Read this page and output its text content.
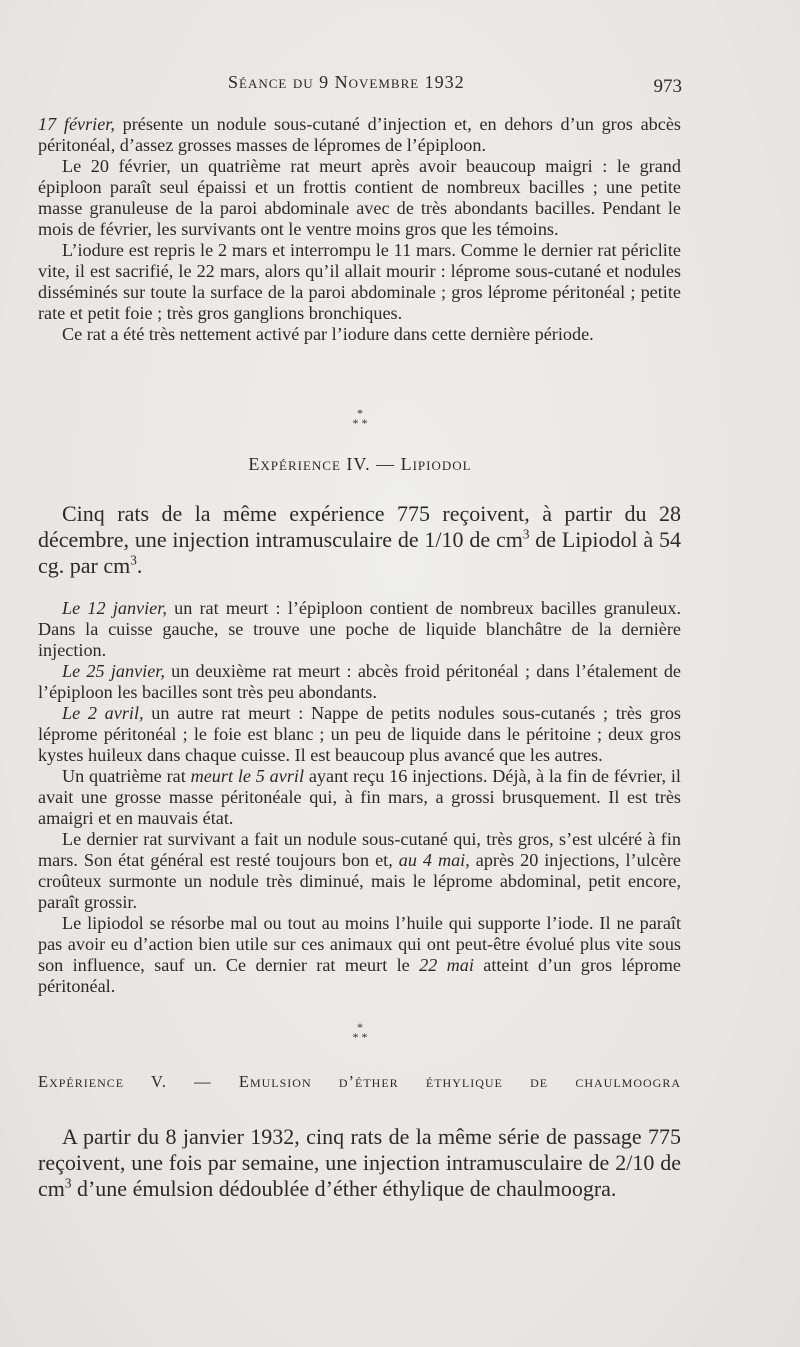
Séance du 9 Novembre 1932	973

17 février, présente un nodule sous-cutané d’injection et, en dehors d’un gros abcès péritonéal, d’assez grosses masses de lépromes de l’épiploon.

Le 20 février, un quatrième rat meurt après avoir beaucoup maigri : le grand épiploon paraît seul épaissi et un frottis contient de nombreux bacilles ; une petite masse granuleuse de la paroi abdominale avec de très abondants bacilles. Pendant le mois de février, les survivants ont le ventre moins gros que les témoins.

L’iodure est repris le 2 mars et interrompu le 11 mars. Comme le dernier rat périclite vite, il est sacrifié, le 22 mars, alors qu’il allait mourir : léprome sous-cutané et nodules disséminés sur toute la surface de la paroi abdominale ; gros léprome péritonéal ; petite rate et petit foie ; très gros ganglions bronchiques.

Ce rat a été très nettement activé par l’iodure dans cette dernière période.

*
* *
Expérience IV. — Lipiodol

Cinq rats de la même expérience 775 reçoivent, à partir du 28 décembre, une injection intramusculaire de 1/10 de $cm^3$ de Lipiodol à 54 cg. par $cm^3$.

Le 12 janvier, un rat meurt : l’épiploon contient de nombreux bacilles granuleux. Dans la cuisse gauche, se trouve une poche de liquide blanchâtre de la dernière injection.

Le 25 janvier, un deuxième rat meurt : abcès froid péritonéal ; dans l’étalement de l’épiploon les bacilles sont très peu abondants.

Le 2 avril, un autre rat meurt : Nappe de petits nodules sous-cutanés ; très gros léprome péritonéal ; le foie est blanc ; un peu de liquide dans le péritoine ; deux gros kystes huileux dans chaque cuisse. Il est beaucoup plus avancé que les autres.

Un quatrième rat meurt le 5 avril ayant reçu 16 injections. Déjà, à la fin de février, il avait une grosse masse péritonéale qui, à fin mars, a grossi brusquement. Il est très amaigri et en mauvais état.

Le dernier rat survivant a fait un nodule sous-cutané qui, très gros, s’est ulcéré à fin mars. Son état général est resté toujours bon et, au 4 mai, après 20 injections, l’ulcère croûteux surmonte un nodule très diminué, mais le léprome abdominal, petit encore, paraît grossir.

Le lipiodol se résorbe mal ou tout au moins l’huile qui supporte l’iode. Il ne paraît pas avoir eu d’action bien utile sur ces animaux qui ont peut-être évolué plus vite sous son influence, sauf un. Ce dernier rat meurt le 22 mai atteint d’un gros léprome péritonéal.

*
* *
Expérience V. — Emulsion d’éther éthylique de chaulmoogra

A partir du 8 janvier 1932, cinq rats de la même série de passage 775 reçoivent, une fois par semaine, une injection intramusculaire de 2/10 de $cm^3$ d’une émulsion dédoublée d’éther éthylique de chaulmoogra.
